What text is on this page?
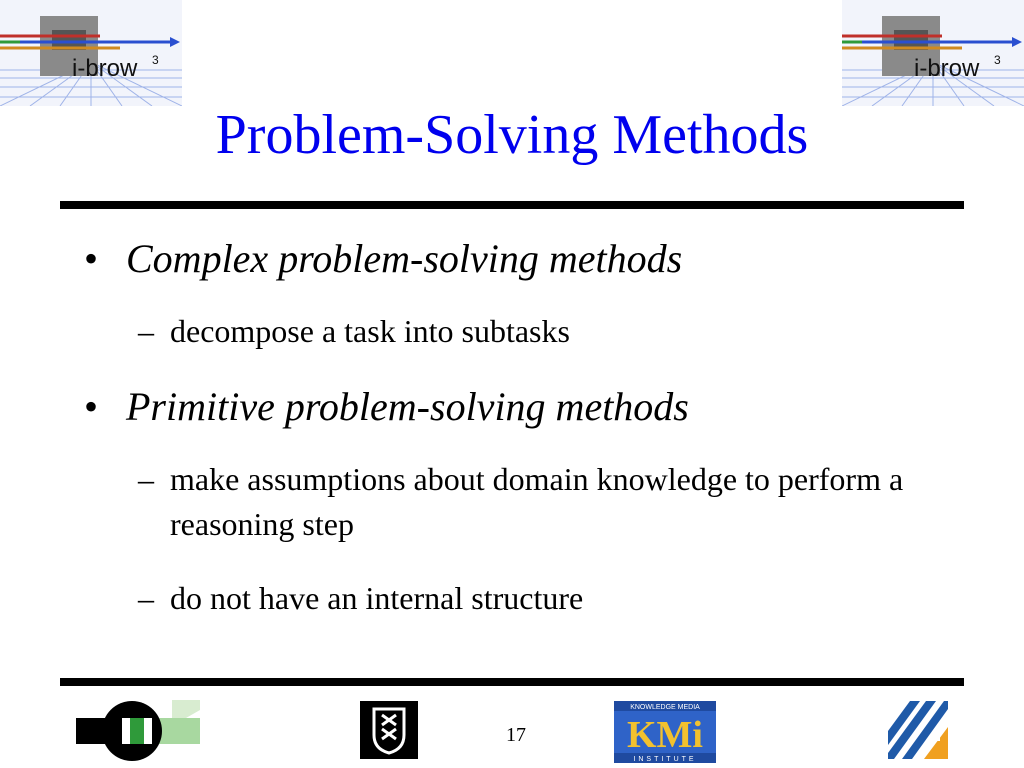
i-brow 3	i-brow 3
Problem-Solving Methods
• Complex problem-solving methods
– decompose a task into subtasks
• Primitive problem-solving methods
– make assumptions about domain knowledge to perform a reasoning step
– do not have an internal structure
17
KNOWLEDGE MEDIA
KMi
INSTITUTE
